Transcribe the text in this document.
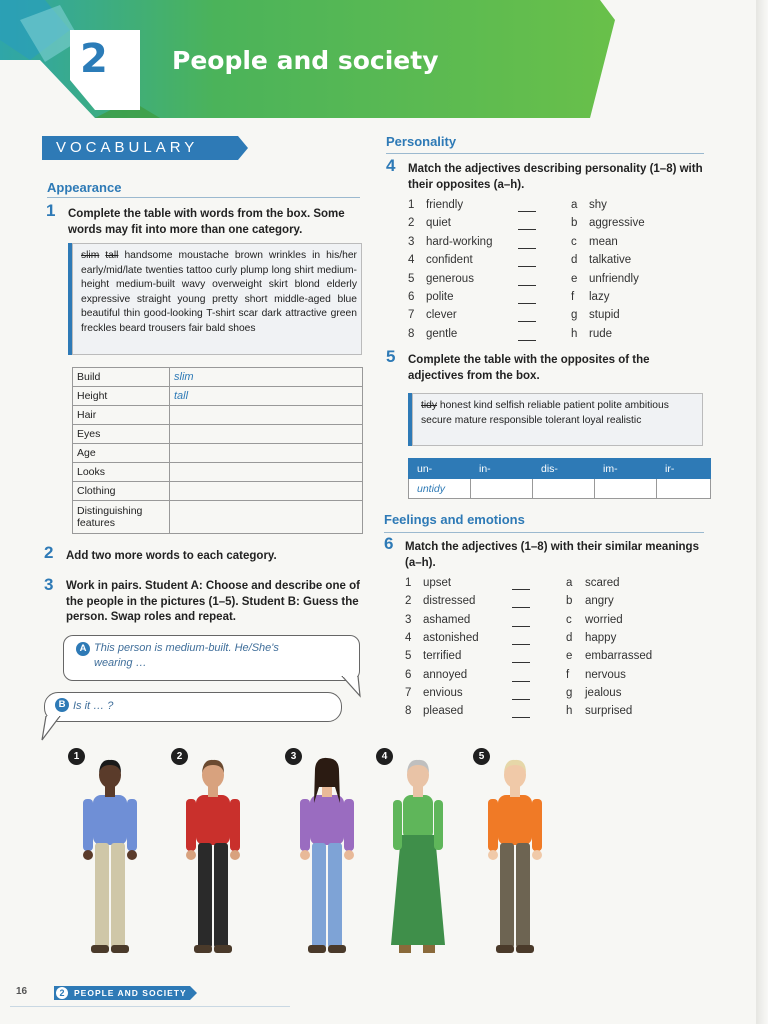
2	People and society
VOCABULARY
Appearance
1 Complete the table with words from the box. Some words may fit into more than one category.
slim tall handsome moustache brown wrinkles in his/her early/mid/late twenties tattoo curly plump long shirt medium-height medium-built wavy overweight skirt blond elderly expressive straight young pretty short middle-aged blue beautiful thin good-looking T-shirt scar dark attractive green freckles beard trousers fair bald shoes
Build	slim
Height	tall
Hair	
Eyes	
Age	
Looks	
Clothing	
Distinguishing features	
2 Add two more words to each category.
3 Work in pairs. Student A: Choose and describe one of the people in the pictures (1–5). Student B: Guess the person. Swap roles and repeat.
A This person is medium-built. He/She's wearing …
B Is it … ?
Personality
4 Match the adjectives describing personality (1–8) with their opposites (a–h).
1 friendly	a shy
2 quiet	b aggressive
3 hard-working	c mean
4 confident	d talkative
5 generous	e unfriendly
6 polite	f lazy
7 clever	g stupid
8 gentle	h rude
5 Complete the table with the opposites of the adjectives from the box.
tidy honest kind selfish reliable patient polite ambitious secure mature responsible tolerant loyal realistic
un-	in-	dis-	im-	ir-
untidy				
Feelings and emotions
6 Match the adjectives (1–8) with their similar meanings (a–h).
1 upset	a scared
2 distressed	b angry
3 ashamed	c worried
4 astonished	d happy
5 terrified	e embarrassed
6 annoyed	f nervous
7 envious	g jealous
8 pleased	h surprised
1	2	3	4	5
16	2	PEOPLE AND SOCIETY
